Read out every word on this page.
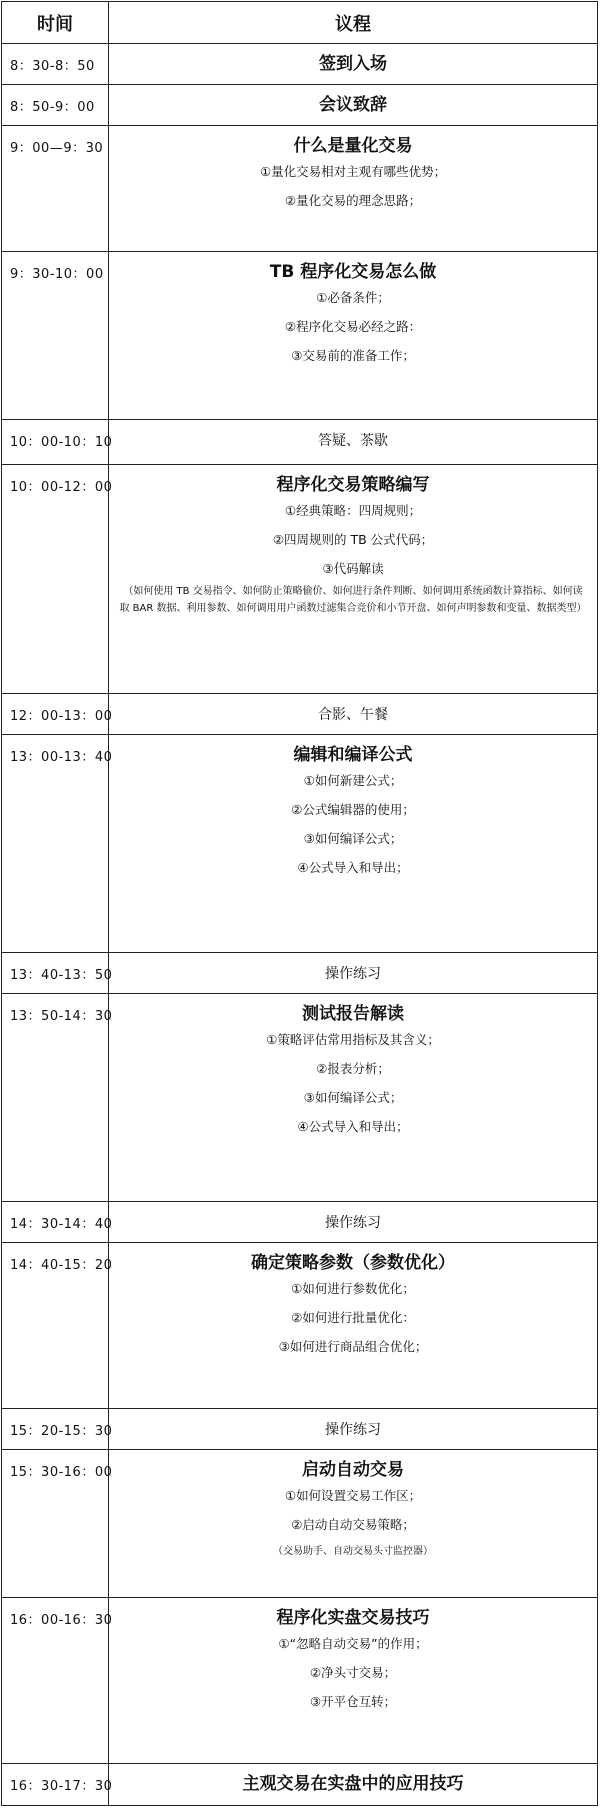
时间	议程
8：30-8：50	签到入场

8：50-9：00	会议致辞

9：00—9：30	什么是量化交易
①量化交易相对主观有哪些优势；
②量化交易的理念思路；

9：30-10：00	TB 程序化交易怎么做
①必备条件；
②程序化交易必经之路：
③交易前的准备工作；

10：00-10：10	答疑、茶歇

10：00-12：00	程序化交易策略编写
①经典策略：四周规则；
②四周规则的 TB 公式代码；
③代码解读
（如何使用 TB 交易指令、如何防止策略偷价、如何进行条件判断、如何调用系统函数计算指标、如何读取 BAR 数据、利用参数、如何调用用户函数过滤集合竞价和小节开盘、如何声明参数和变量、数据类型）

12：00-13：00	合影、午餐

13：00-13：40	编辑和编译公式
①如何新建公式；
②公式编辑器的使用；
③如何编译公式；
④公式导入和导出；

13：40-13：50	操作练习

13：50-14：30	测试报告解读
①策略评估常用指标及其含义；
②报表分析；
③如何编译公式；
④公式导入和导出；

14：30-14：40	操作练习

14：40-15：20	确定策略参数（参数优化）
①如何进行参数优化；
②如何进行批量优化：
③如何进行商品组合优化；

15：20-15：30	操作练习

15：30-16：00	启动自动交易
①如何设置交易工作区；
②启动自动交易策略；
（交易助手、自动交易头寸监控器）

16：00-16：30	程序化实盘交易技巧
①“忽略自动交易”的作用；
②净头寸交易；
③开平仓互转；

16：30-17：30	主观交易在实盘中的应用技巧
